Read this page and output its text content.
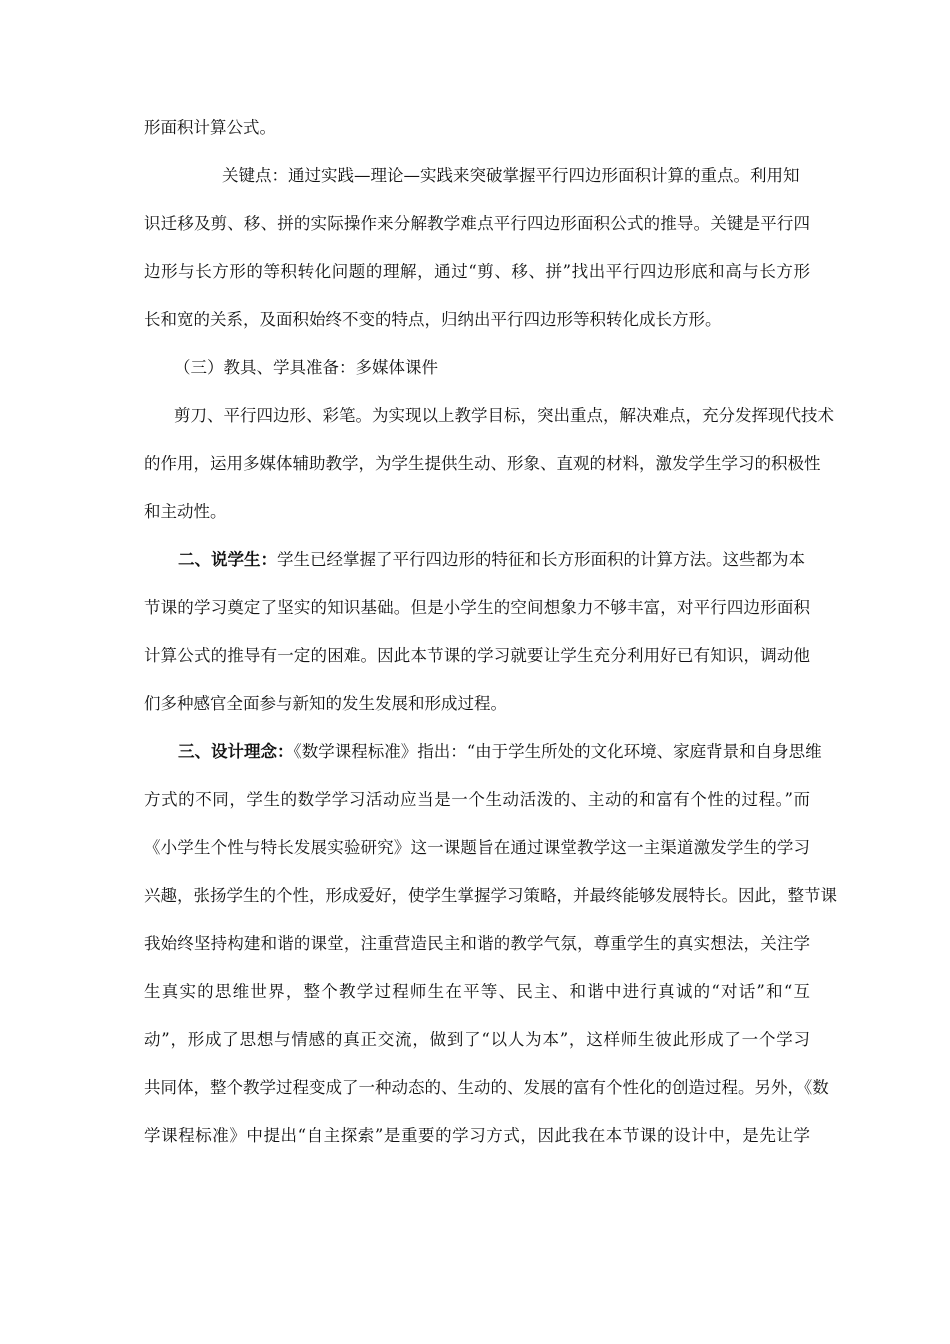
形面积计算公式。
关键点：通过实践—理论—实践来突破掌握平行四边形面积计算的重点。利用知
识迁移及剪、移、拼的实际操作来分解教学难点平行四边形面积公式的推导。关键是平行四
边形与长方形的等积转化问题的理解，通过“剪、移、拼”找出平行四边形底和高与长方形
长和宽的关系，及面积始终不变的特点，归纳出平行四边形等积转化成长方形。
（三）教具、学具准备：多媒体课件
剪刀、平行四边形、彩笔。为实现以上教学目标，突出重点，解决难点，充分发挥现代技术
的作用，运用多媒体辅助教学，为学生提供生动、形象、直观的材料，激发学生学习的积极性
和主动性。
二、说学生：学生已经掌握了平行四边形的特征和长方形面积的计算方法。这些都为本
节课的学习奠定了坚实的知识基础。但是小学生的空间想象力不够丰富，对平行四边形面积
计算公式的推导有一定的困难。因此本节课的学习就要让学生充分利用好已有知识，调动他
们多种感官全面参与新知的发生发展和形成过程。
三、设计理念：《数学课程标准》指出：“由于学生所处的文化环境、家庭背景和自身思维
方式的不同，学生的数学学习活动应当是一个生动活泼的、主动的和富有个性的过程。”而
《小学生个性与特长发展实验研究》这一课题旨在通过课堂教学这一主渠道激发学生的学习
兴趣，张扬学生的个性，形成爱好，使学生掌握学习策略，并最终能够发展特长。因此，整节课
我始终坚持构建和谐的课堂，注重营造民主和谐的教学气氛，尊重学生的真实想法，关注学
生真实的思维世界，整个教学过程师生在平等、民主、和谐中进行真诚的“对话”和“互
动”，形成了思想与情感的真正交流，做到了“以人为本”，这样师生彼此形成了一个学习
共同体，整个教学过程变成了一种动态的、生动的、发展的富有个性化的创造过程。另外，《数
学课程标准》中提出“自主探索”是重要的学习方式，因此我在本节课的设计中，是先让学
